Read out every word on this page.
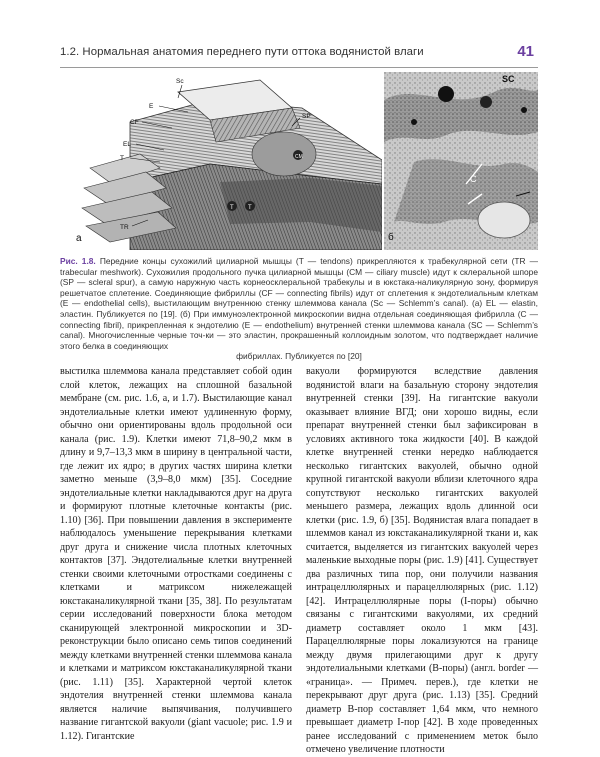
1.2. Нормальная анатомия переднего пути оттока водянистой влаги	41
Sc
E
CF
SP
EL
T	CM
T T
TR
а
SC
C
б
Рис. 1.8. Передние концы сухожилий цилиарной мышцы (T — tendons) прикрепляются к трабекулярной сети (TR — trabecular meshwork). Сухожилия продольного пучка цилиарной мышцы (CM — ciliary muscle) идут к склеральной шпоре (SP — scleral spur), а самую наружную часть корнеосклеральной трабекулы и в юкстака-наликулярную зону, формируя решетчатое сплетение. Соединяющие фибриллы (CF — connecting fibrils) идут от сплетения к эндотелиальным клеткам (E — endothelial cells), выстилающим внутреннюю стенку шлеммова канала (Sc — Schlemm’s canal). (a) EL — elastin, эластин. Публикуется по [19]. (б) При иммуноэлектронной микроскопии видна отдельная соединяющая фибрилла (C — connecting fibril), прикрепленная к эндотелию (E — endothelium) внутренней стенки шлеммова канала (SC — Schlemm’s canal). Многочисленные черные точ-ки — это эластин, прокрашенный коллоидным золотом, что подтверждает наличие этого белка в соединяющих
фибриллах. Публикуется по [20]

выстилка шлеммова канала представляет собой один слой клеток, лежащих на сплошной базальной мембране (см. рис. 1.6, а, и 1.7). Выстилающие канал эндотелиальные клетки имеют удлиненную форму, обычно они ориентированы вдоль продольной оси канала (рис. 1.9). Клетки имеют 71,8–90,2 мкм в длину и 9,7–13,3 мкм в ширину в центральной части, где лежит их ядро; в других частях ширина клетки заметно меньше (3,9–8,0 мкм) [35]. Соседние эндотелиальные клетки накладываются друг на друга и формируют плотные клеточные контакты (рис. 1.10) [36]. При повышении давления в эксперименте наблюдалось уменьшение перекрывания клетками друг друга и снижение числа плотных клеточных контактов [37]. Эндотелиальные клетки внутренней стенки своими клеточными отростками соединены с клетками и матриксом нижележащей юкстаканаликулярной ткани [35, 38]. По результатам серии исследований поверхности блока методом сканирующей электронной микроскопии и 3D-реконструкции было описано семь типов соединений между клетками внутренней стенки шлеммова канала и клетками и матриксом юкстаканаликулярной ткани (рис. 1.11) [35]. Характерной чертой клеток эндотелия внутренней стенки шлеммова канала является наличие выпячивания, получившего название гигантской вакуоли (giant vacuole; рис. 1.9 и 1.12). Гигантские

вакуоли формируются вследствие давления водянистой влаги на базальную сторону эндотелия внутренней стенки [39]. На гигантские вакуоли оказывает влияние ВГД; они хорошо видны, если препарат внутренней стенки был зафиксирован в условиях активного тока жидкости [40]. В каждой клетке внутренней стенки нередко наблюдается несколько гигантских вакуолей, обычно одной крупной гигантской вакуоли вблизи клеточного ядра сопутствуют несколько гигантских вакуолей меньшего размера, лежащих вдоль длинной оси клетки (рис. 1.9, б) [35]. Водянистая влага попадает в шлеммов канал из юкстаканаликулярной ткани и, как считается, выделяется из гигантских вакуолей через маленькие выходные поры (рис. 1.9) [41]. Существует два различных типа пор, они получили названия интрацеллюлярных и парацеллюлярных (рис. 1.12) [42]. Интрацеллюлярные поры (I-поры) обычно связаны с гигантскими вакуолями, их средний диаметр составляет около 1 мкм [43]. Парацеллюлярные поры локализуются на границе между двумя прилегающими друг к другу эндотелиальными клетками (B-поры) (англ. border — «граница». — Примеч. перев.), где клетки не перекрывают друг друга (рис. 1.13) [35]. Средний диаметр B-пор составляет 1,64 мкм, что немного превышает диаметр I-пор [42]. В ходе проведенных ранее исследований с применением меток было отмечено увеличение плотности
